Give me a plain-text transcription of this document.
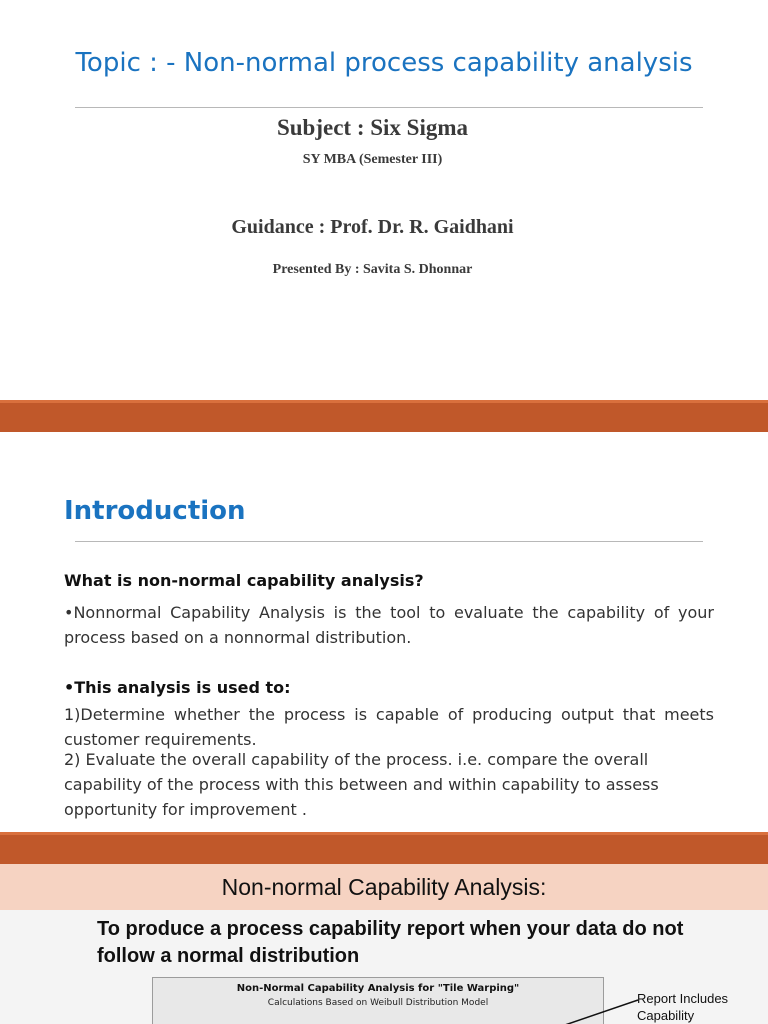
Topic : - Non-normal process capability analysis
Subject : Six Sigma
SY MBA (Semester III)
Guidance : Prof. Dr. R. Gaidhani
Presented By : Savita S. Dhonnar
Introduction
What is non-normal capability analysis?
•Nonnormal Capability Analysis is the tool to evaluate the capability of your process based on a nonnormal distribution.
•This analysis is used to:
1)Determine whether the process is capable of producing output that meets customer requirements.
2) Evaluate the overall capability of the process. i.e. compare the overall capability of the process with this between and within capability to assess opportunity for improvement .
Non-normal Capability Analysis:
To produce a process capability report when your data do not follow a normal distribution
Non-Normal Capability Analysis for "Tile Warping"
Calculations Based on Weibull Distribution Model	Report Includes Capability
